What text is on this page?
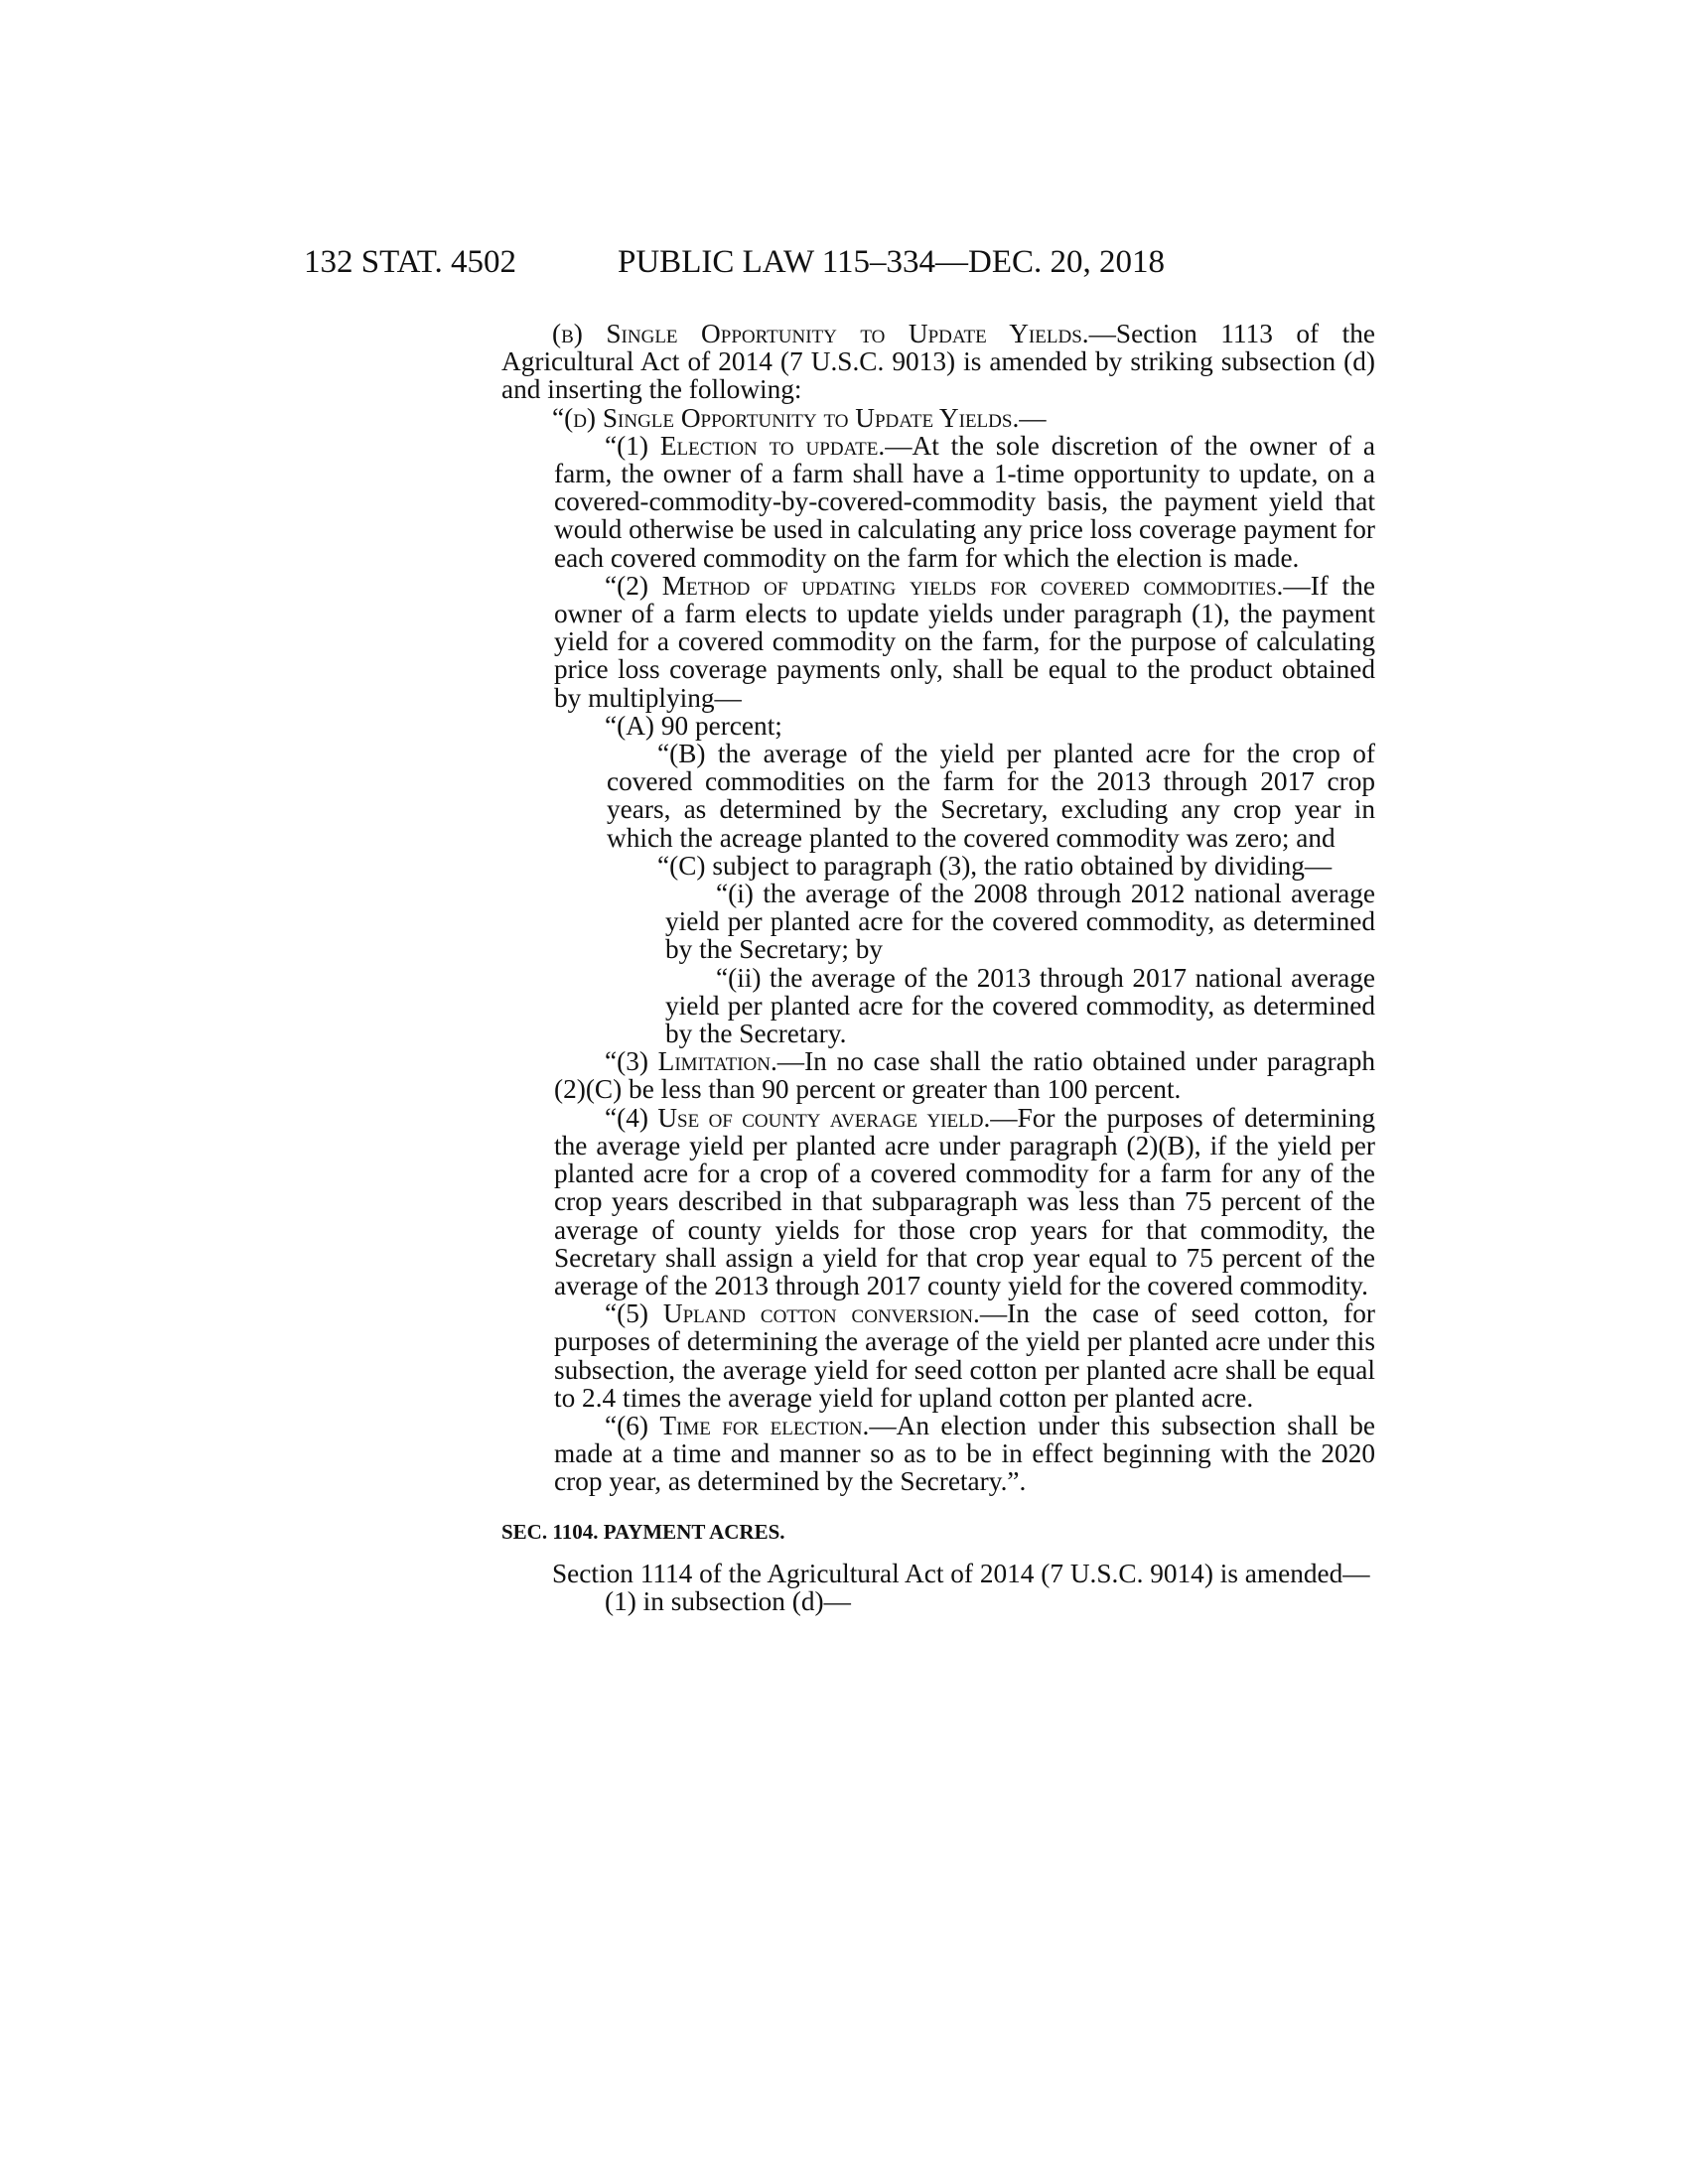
132 STAT. 4502	PUBLIC LAW 115–334—DEC. 20, 2018

(b) Single Opportunity to Update Yields.—Section 1113 of the Agricultural Act of 2014 (7 U.S.C. 9013) is amended by striking subsection (d) and inserting the following:

“(d) Single Opportunity to Update Yields.—

“(1) Election to update.—At the sole discretion of the owner of a farm, the owner of a farm shall have a 1-time opportunity to update, on a covered-commodity-by-covered-commodity basis, the payment yield that would otherwise be used in calculating any price loss coverage payment for each covered commodity on the farm for which the election is made.

“(2) Method of updating yields for covered commodities.—If the owner of a farm elects to update yields under paragraph (1), the payment yield for a covered commodity on the farm, for the purpose of calculating price loss coverage payments only, shall be equal to the product obtained by multiplying—

“(A) 90 percent;

“(B) the average of the yield per planted acre for the crop of covered commodities on the farm for the 2013 through 2017 crop years, as determined by the Secretary, excluding any crop year in which the acreage planted to the covered commodity was zero; and

“(C) subject to paragraph (3), the ratio obtained by dividing—

“(i) the average of the 2008 through 2012 national average yield per planted acre for the covered commodity, as determined by the Secretary; by

“(ii) the average of the 2013 through 2017 national average yield per planted acre for the covered commodity, as determined by the Secretary.

“(3) Limitation.—In no case shall the ratio obtained under paragraph (2)(C) be less than 90 percent or greater than 100 percent.

“(4) Use of county average yield.—For the purposes of determining the average yield per planted acre under paragraph (2)(B), if the yield per planted acre for a crop of a covered commodity for a farm for any of the crop years described in that subparagraph was less than 75 percent of the average of county yields for those crop years for that commodity, the Secretary shall assign a yield for that crop year equal to 75 percent of the average of the 2013 through 2017 county yield for the covered commodity.

“(5) Upland cotton conversion.—In the case of seed cotton, for purposes of determining the average of the yield per planted acre under this subsection, the average yield for seed cotton per planted acre shall be equal to 2.4 times the average yield for upland cotton per planted acre.

“(6) Time for election.—An election under this subsection shall be made at a time and manner so as to be in effect beginning with the 2020 crop year, as determined by the Secretary.”.

SEC. 1104. PAYMENT ACRES.

Section 1114 of the Agricultural Act of 2014 (7 U.S.C. 9014) is amended—

(1) in subsection (d)—
